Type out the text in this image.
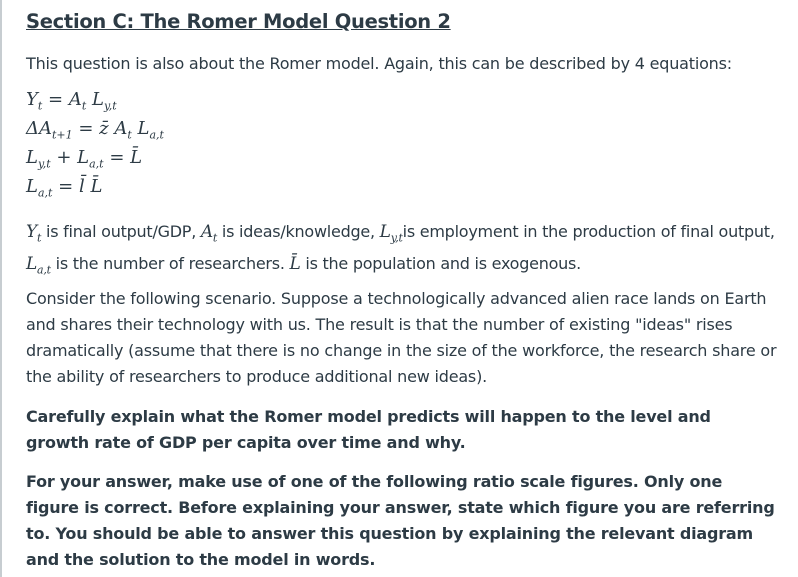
Section C: The Romer Model Question 2
This question is also about the Romer model. Again, this can be described by 4 equations:
$Y_t = A_t$ $L_{y,t}$
$\Delta A_{t+1}$ = z̄ $A_t$ $L_{a,t}$
$L_{y,t} + L_{a,t}$ = L̄
$L_{a,t}$ = l̄ L̄
$Y_t$ is final output/GDP, $A_t$ is ideas/knowledge, $L_{y,t}is$ employment in the production of final output,
$L_{a,t}$ is the number of researchers. L̄ is the population and is exogenous.
Consider the following scenario. Suppose a technologically advanced alien race lands on Earth and shares their technology with us. The result is that the number of existing "ideas" rises dramatically (assume that there is no change in the size of the workforce, the research share or the ability of researchers to produce additional new ideas).
Carefully explain what the Romer model predicts will happen to the level and growth rate of GDP per capita over time and why.
For your answer, make use of one of the following ratio scale figures. Only one figure is correct. Before explaining your answer, state which figure you are referring to. You should be able to answer this question by explaining the relevant diagram and the solution to the model in words.
